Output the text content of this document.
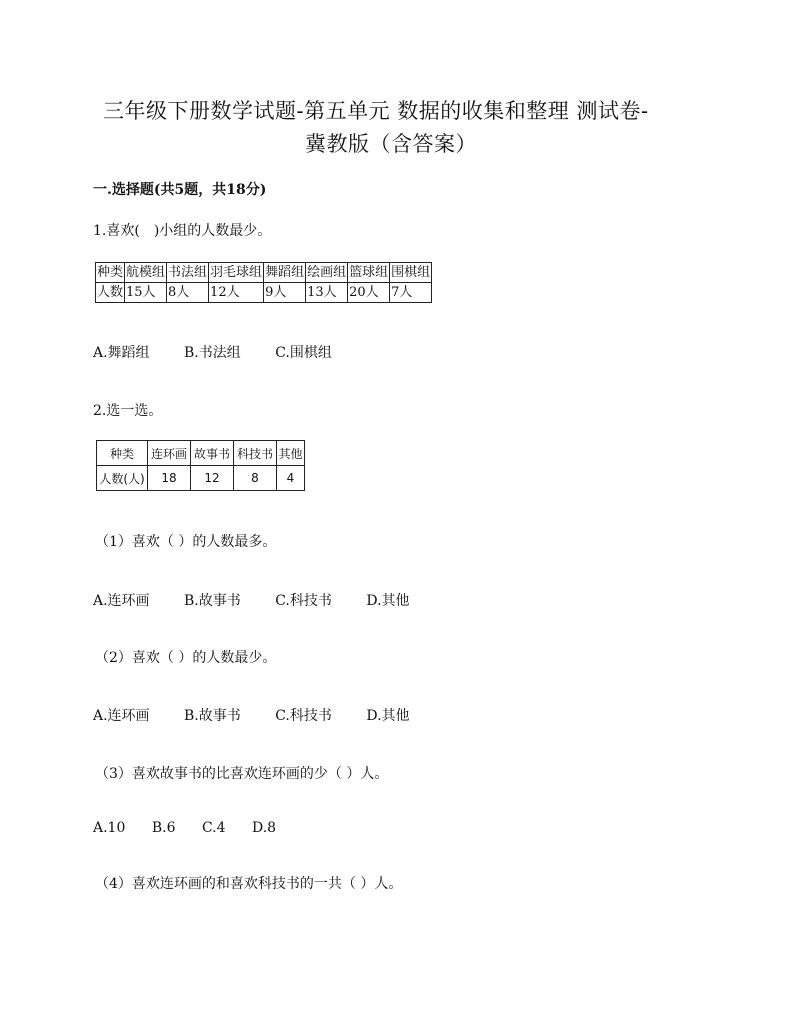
三年级下册数学试题-第五单元 数据的收集和整理 测试卷-
冀教版（含答案）
一.选择题(共5题，共18分)
1.喜欢(　)小组的人数最少。
种类	航模组	书法组	羽毛球组	舞蹈组	绘画组	篮球组	围棋组
人数	15人	8人	12人	9人	13人	20人	7人
A.舞蹈组 B.书法组 C.围棋组
2.选一选。
种类	连环画	故事书	科技书	其他
人数(人)	18	12	8	4
（1）喜欢（ ）的人数最多。
A.连环画 B.故事书 C.科技书 D.其他
（2）喜欢（ ）的人数最少。
A.连环画 B.故事书 C.科技书 D.其他
（3）喜欢故事书的比喜欢连环画的少（ ）人。
A.10 B.6 C.4 D.8
（4）喜欢连环画的和喜欢科技书的一共（ ）人。
